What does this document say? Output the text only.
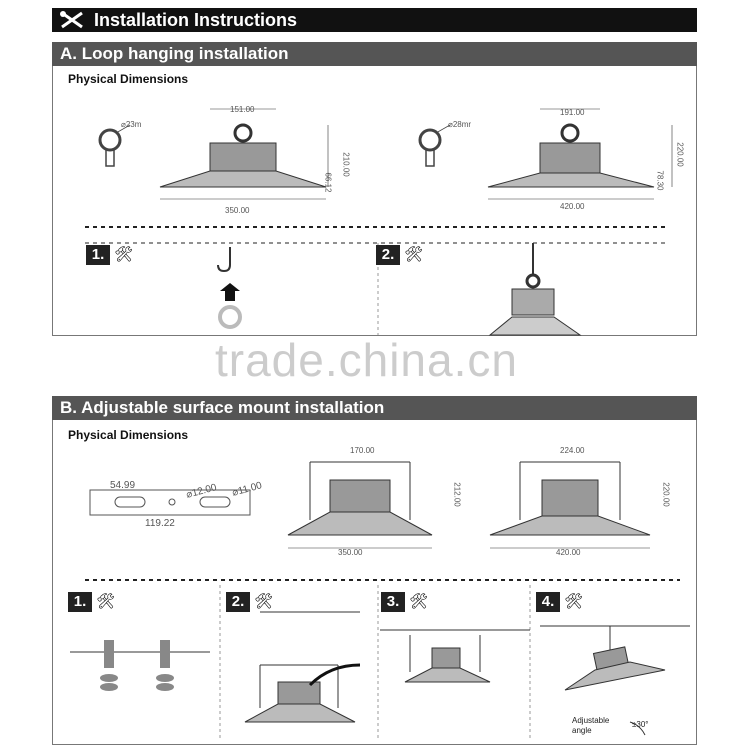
Installation Instructions
A. Loop hanging installation
Physical Dimensions
⌀23m
151.00
210.00
66.12
350.00
⌀28mr
191.00
220.00
78.30
420.00
1. 🛠	2. 🛠
trade.china.cn
B. Adjustable surface mount installation
Physical Dimensions
54.99	⌀12.00 ⌀11.00
119.22
170.00
212.00
350.00
224.00
220.00
420.00
1. 🛠	2. 🛠	3. 🛠	4. 🛠
Adjustable
angle
±30°
